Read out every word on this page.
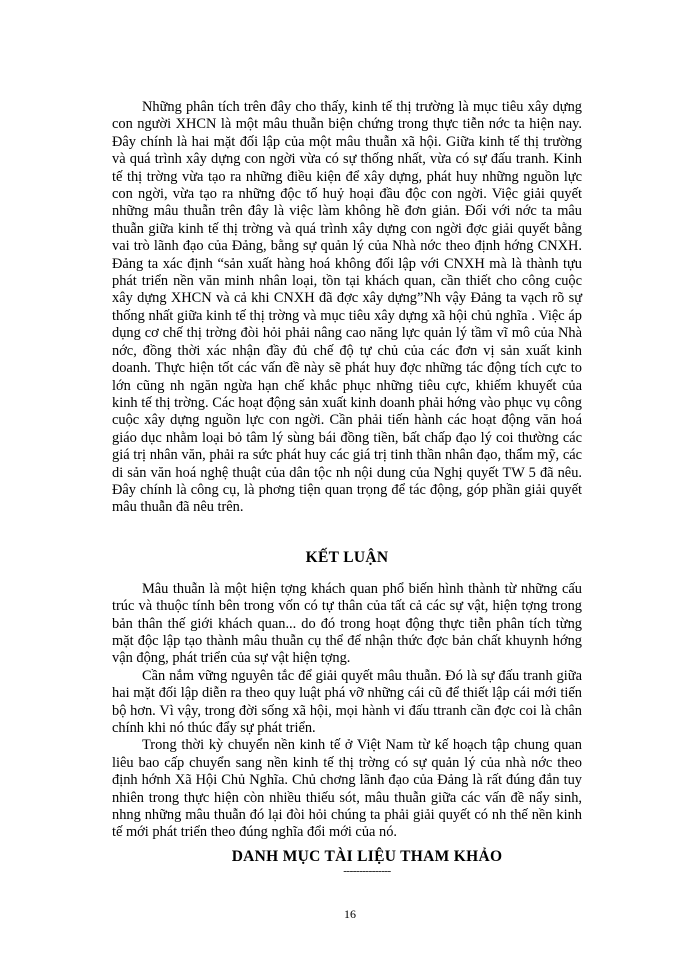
Những phân tích trên đây cho thấy, kinh tế thị trường là mục tiêu xây dựng con người XHCN là một mâu thuẫn biện chứng trong thực tiễn nớc ta hiện nay. Đây chính là hai mặt đối lập của một mâu thuẫn xã hội. Giữa kinh tế thị trường và quá trình xây dựng con ngời vừa có sự thống nhất, vừa có sự đấu tranh. Kinh tế thị trờng vừa tạo ra những điều kiện để xây dựng, phát huy những nguồn lực con ngời, vừa tạo ra những độc tố huỷ hoại đầu độc con ngời. Việc giải quyết những mâu thuẫn trên đây là việc làm không hề đơn giản. Đối với nớc ta mâu thuẫn giữa kinh tế thị trờng và quá trình xây dựng con ngời đợc giải quyết bằng vai trò lãnh đạo của Đảng, bằng sự quản lý của Nhà nớc theo định hớng CNXH. Đảng ta xác định “sản xuất hàng hoá không đối lập với CNXH mà là thành tựu phát triển nền văn minh nhân loại, tồn tại khách quan, cần thiết cho công cuộc xây dựng XHCN và cả khi CNXH đã đợc xây dựng”Nh vậy Đảng ta vạch rõ sự thống nhất giữa kinh tế thị trờng và mục tiêu xây dựng xã hội chủ nghĩa . Việc áp dụng cơ chế thị trờng đòi hỏi phải nâng cao năng lực quản lý tầm vĩ mô của Nhà nớc, đồng thời xác nhận đầy đủ chế độ tự chủ của các đơn vị sản xuất kinh doanh. Thực hiện tốt các vấn đề này sẽ phát huy đợc những tác động tích cực to lớn cũng nh ngăn ngừa hạn chế khắc phục những tiêu cực, khiếm khuyết của kinh tế thị trờng. Các hoạt động sản xuất kinh doanh phải hớng vào phục vụ công cuộc xây dựng nguồn lực con ngời. Cần phải tiến hành các hoạt động văn hoá giáo dục nhằm loại bỏ tâm lý sùng bái đồng tiền, bất chấp đạo lý coi thường các giá trị nhân văn, phải ra sức phát huy các giá trị tinh thần nhân đạo, thẩm mỹ, các di sản văn hoá nghệ thuật của dân tộc nh nội dung của Nghị quyết TW 5 đã nêu. Đây chính là công cụ, là phơng tiện quan trọng để tác động, góp phần giải quyết mâu thuẫn đã nêu trên.

KẾT LUẬN

Mâu thuẫn là một hiện tợng khách quan phổ biến hình thành từ những cấu trúc và thuộc tính bên trong vốn có tự thân của tất cả các sự vật, hiện tợng trong bản thân thế giới khách quan... do đó trong hoạt động thực tiễn phân tích từng mặt độc lập tạo thành mâu thuẫn cụ thể để nhận thức đợc bản chất khuynh hớng vận động, phát triển của sự vật hiện tợng.

Cần nắm vững nguyên tắc để giải quyết mâu thuẫn. Đó là sự đấu tranh giữa hai mặt đối lập diễn ra theo quy luật phá vỡ những cái cũ để thiết lập cái mới tiến bộ hơn. Vì vậy, trong đời sống xã hội, mọi hành vi đấu ttranh cần đợc coi là chân chính khi nó thúc đẩy sự phát triển.

Trong thời kỳ chuyển nền kinh tế ở Việt Nam từ kế hoạch tập chung quan liêu bao cấp chuyển sang nền kinh tế thị trờng có sự quản lý của nhà nớc theo định hớnh Xã Hội Chủ Nghĩa. Chủ chơng lãnh đạo của Đảng là rất đúng đắn tuy nhiên trong thực hiện còn nhiều thiếu sót, mâu thuẫn giữa các vấn đề nẩy sinh, nhng những mâu thuẫn đó lại đòi hỏi chúng ta phải giải quyết có nh thế nền kinh tế mới phát triển theo đúng nghĩa đổi mới của nó.

DANH MỤC TÀI LIỆU THAM KHẢO
---------------
16
